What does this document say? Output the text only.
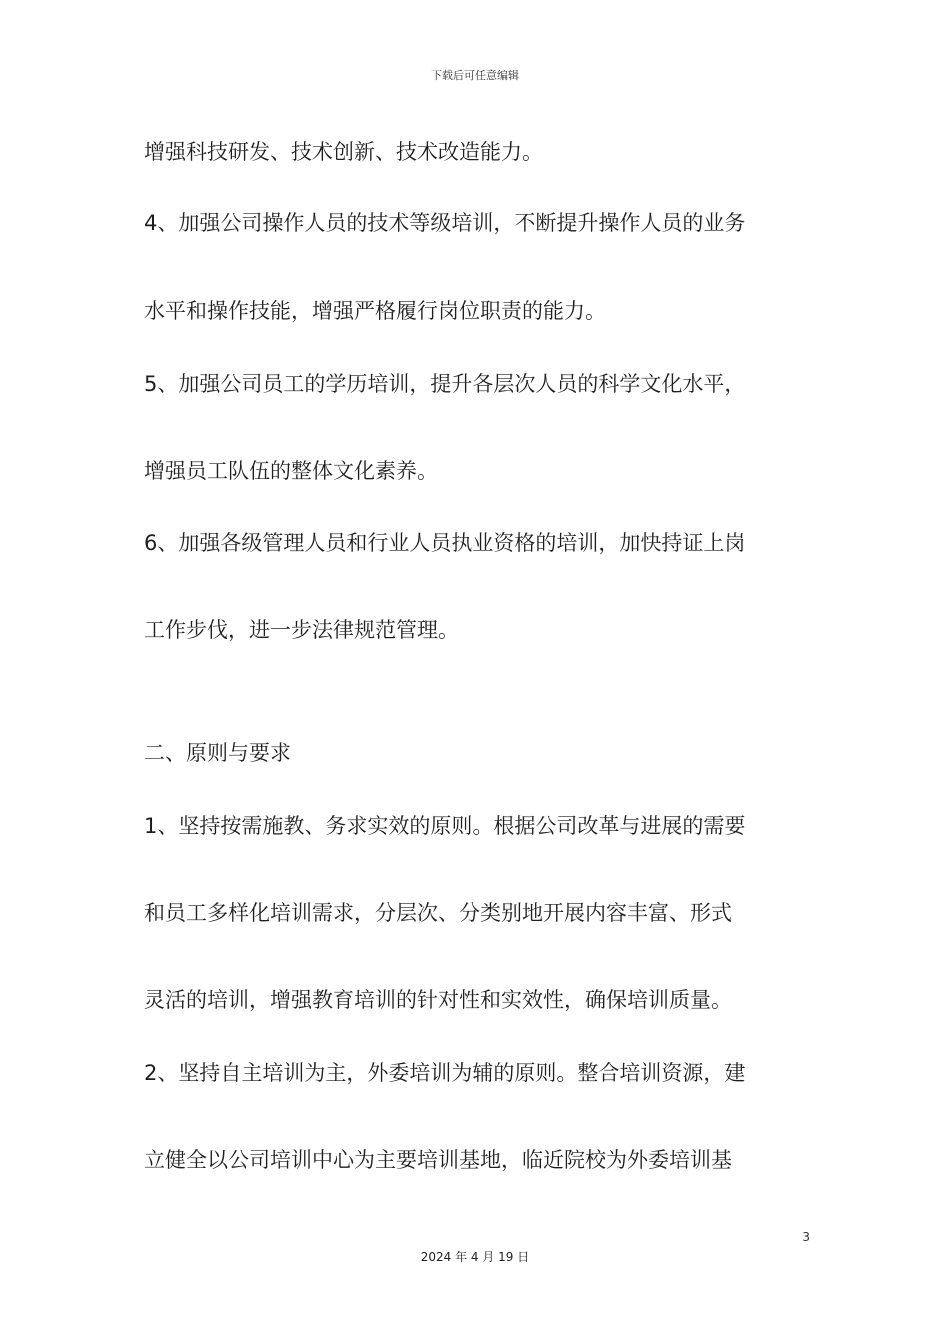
下载后可任意编辑
增强科技研发、技术创新、技术改造能力。
4、加强公司操作人员的技术等级培训，不断提升操作人员的业务
水平和操作技能，增强严格履行岗位职责的能力。
5、加强公司员工的学历培训，提升各层次人员的科学文化水平，
增强员工队伍的整体文化素养。
6、加强各级管理人员和行业人员执业资格的培训，加快持证上岗
工作步伐，进一步法律规范管理。
二、原则与要求
1、坚持按需施教、务求实效的原则。根据公司改革与进展的需要
和员工多样化培训需求，分层次、分类别地开展内容丰富、形式
灵活的培训，增强教育培训的针对性和实效性，确保培训质量。
2、坚持自主培训为主，外委培训为辅的原则。整合培训资源，建
立健全以公司培训中心为主要培训基地，临近院校为外委培训基
3
2024 年 4 月 19 日
